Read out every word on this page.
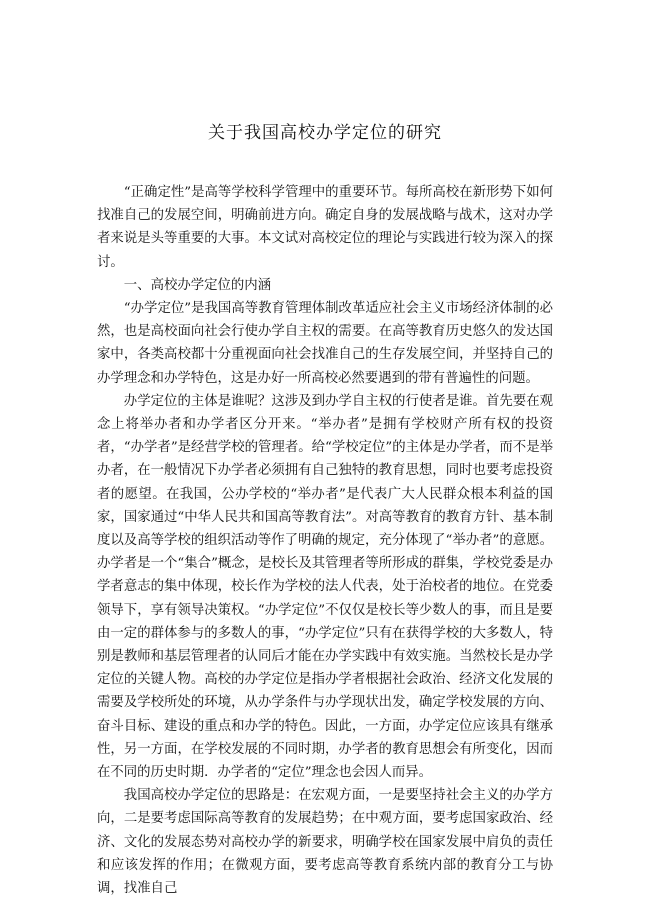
关于我国高校办学定位的研究

“正确定性”是高等学校科学管理中的重要环节。每所高校在新形势下如何找准自己的发展空间，明确前进方向。确定自身的发展战略与战术，这对办学者来说是头等重要的大事。本文试对高校定位的理论与实践进行较为深入的探讨。

一、高校办学定位的内涵

“办学定位”是我国高等教育管理体制改革适应社会主义市场经济体制的必然，也是高校面向社会行使办学自主权的需要。在高等教育历史悠久的发达国家中，各类高校都十分重视面向社会找准自己的生存发展空间，并坚持自己的办学理念和办学特色，这是办好一所高校必然要遇到的带有普遍性的问题。

办学定位的主体是谁呢？这涉及到办学自主权的行使者是谁。首先要在观念上将举办者和办学者区分开来。“举办者”是拥有学校财产所有权的投资者，“办学者”是经营学校的管理者。给“学校定位”的主体是办学者，而不是举办者，在一般情况下办学者必须拥有自己独特的教育思想，同时也要考虑投资者的愿望。在我国，公办学校的“举办者”是代表广大人民群众根本利益的国家，国家通过“中华人民共和国高等教育法”。对高等教育的教育方针、基本制度以及高等学校的组织活动等作了明确的规定，充分体现了“举办者”的意愿。办学者是一个“集合”概念，是校长及其管理者等所形成的群集，学校党委是办学者意志的集中体现，校长作为学校的法人代表，处于治校者的地位。在党委领导下，享有领导决策权。“办学定位”不仅仅是校长等少数人的事，而且是要由一定的群体参与的多数人的事，“办学定位”只有在获得学校的大多数人，特别是教师和基层管理者的认同后才能在办学实践中有效实施。当然校长是办学定位的关键人物。高校的办学定位是指办学者根据社会政治、经济文化发展的需要及学校所处的环境，从办学条件与办学现状出发，确定学校发展的方向、奋斗目标、建设的重点和办学的特色。因此，一方面，办学定位应该具有继承性，另一方面，在学校发展的不同时期，办学者的教育思想会有所变化，因而在不同的历史时期．办学者的“定位”理念也会因人而异。

我国高校办学定位的思路是：在宏观方面，一是要坚持社会主义的办学方向，二是要考虑国际高等教育的发展趋势；在中观方面，要考虑国家政治、经济、文化的发展态势对高校办学的新要求，明确学校在国家发展中肩负的责任和应该发挥的作用；在微观方面，要考虑高等教育系统内部的教育分工与协调，找准自己
